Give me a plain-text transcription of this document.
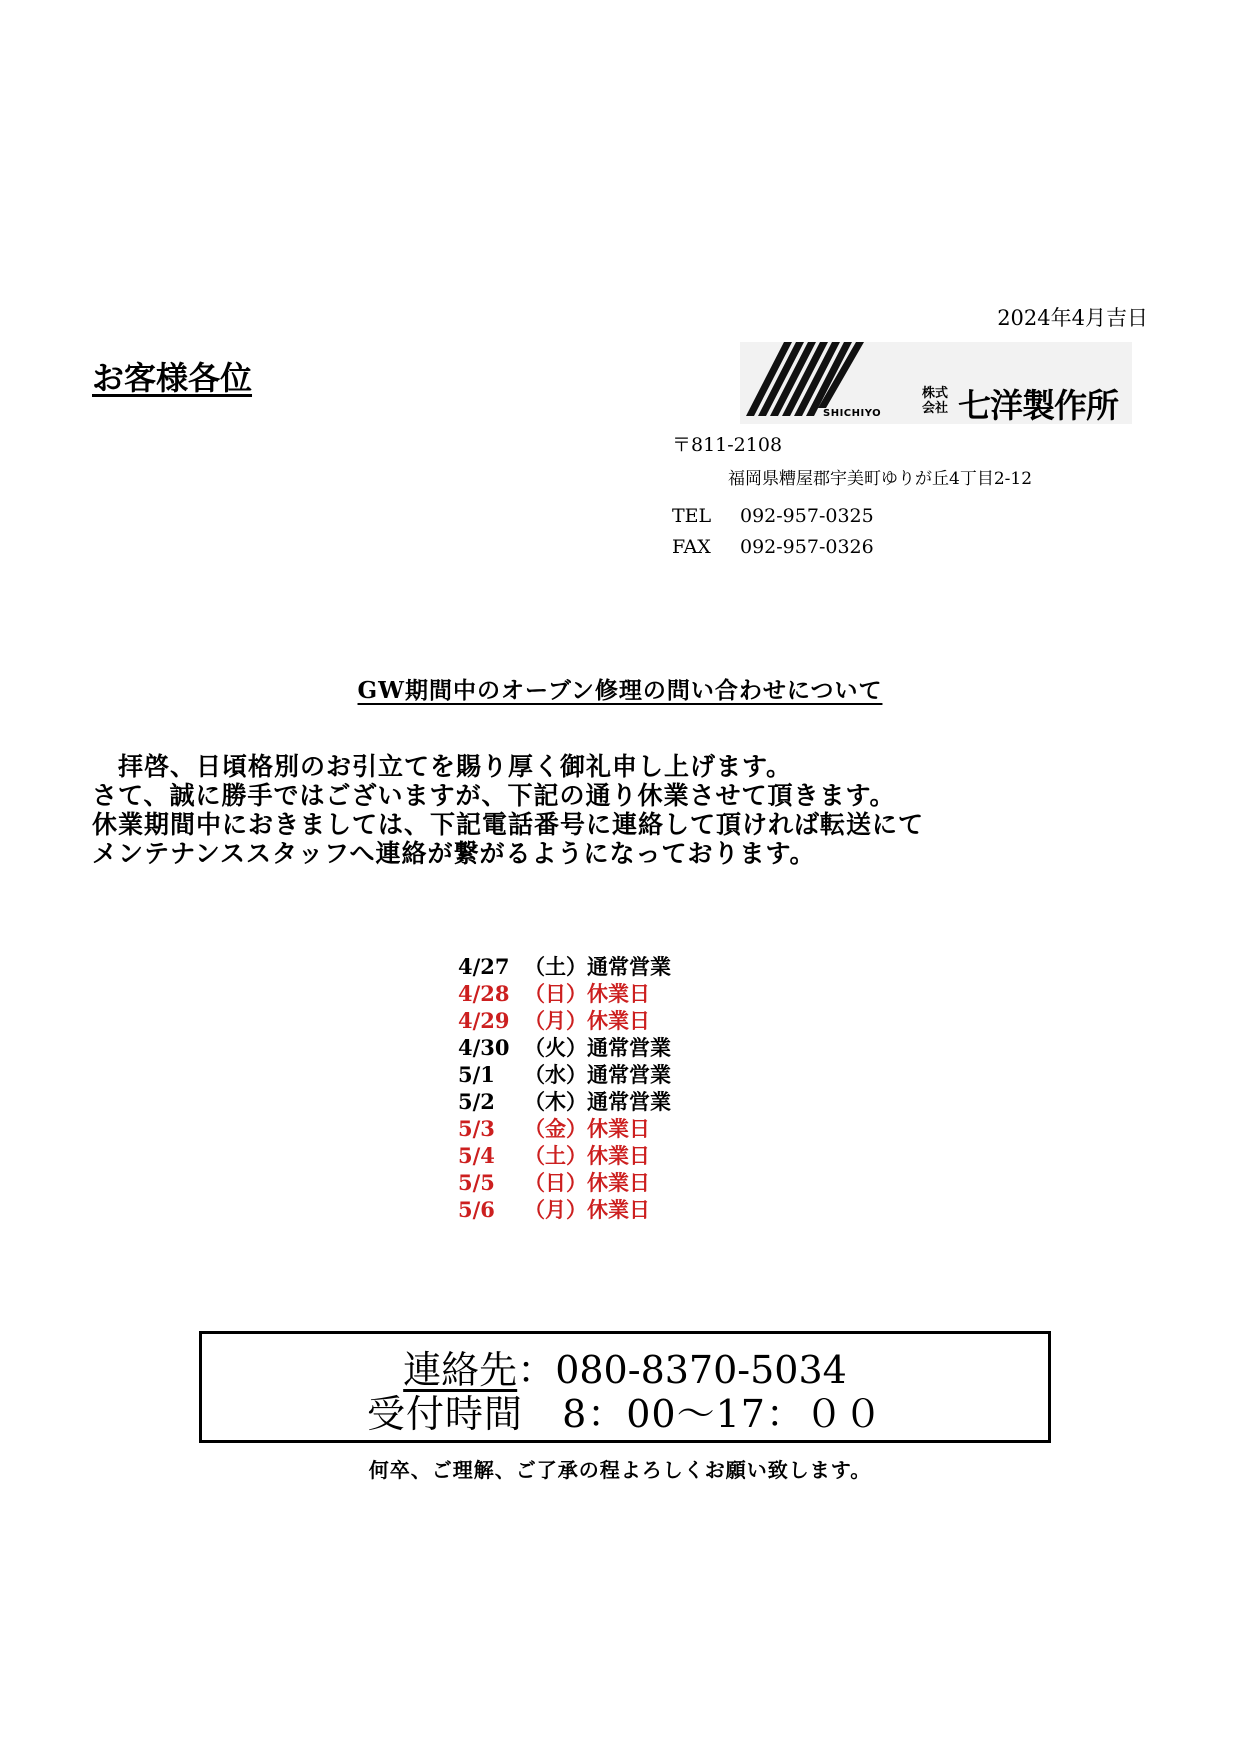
2024年4月吉日
お客様各位
SHICHIYO
株式
会社 七洋製作所
〒811-2108
福岡県糟屋郡宇美町ゆりが丘4丁目2-12
TEL 092-957-0325
FAX 092-957-0326
GW期間中のオーブン修理の問い合わせについて

　拝啓、日頃格別のお引立てを賜り厚く御礼申し上げます。

さて、誠に勝手ではございますが、下記の通り休業させて頂きます。

休業期間中におきましては、下記電話番号に連絡して頂ければ転送にて

メンテナンススタッフへ連絡が繋がるようになっております。

4/27 （土）通常営業
4/28 （日）休業日
4/29 （月）休業日
4/30 （火）通常営業
5/1 （水）通常営業
5/2 （木）通常営業
5/3 （金）休業日
5/4 （土）休業日
5/5 （日）休業日
5/6 （月）休業日
連絡先：080-8370-5034
受付時間　 8：00～17：００
何卒、ご理解、ご了承の程よろしくお願い致します。
